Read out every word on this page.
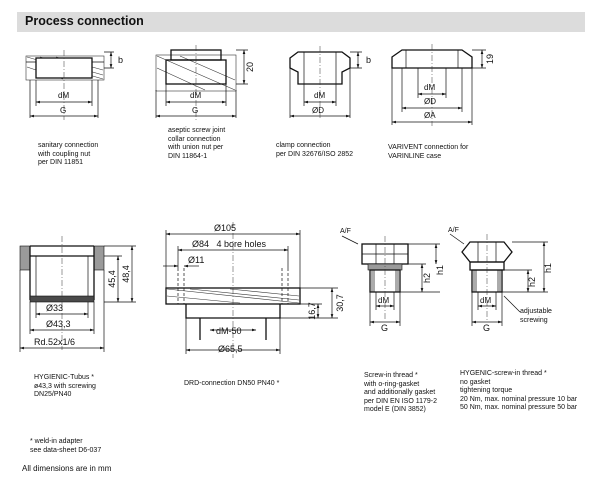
Process connection
b
dM
G
20
dM
G
b
dM
ØD
19
dM
ØD
ØA
48,4
45,4
Ø33
Ø43,3
Rd.52x1/6
Ø105
Ø84   4 bore holes
Ø11
30,7
16,7
dM-50
Ø65,5
A/F
h1
h2
dM
G
A/F
h1
h2
dM
G
adjustable screwing
sanitary connection
with coupling nut
per DIN 11851
aseptic screw joint
collar connection
with union nut per
DIN 11864-1
clamp connection
per DIN 32676/ISO 2852
VARIVENT connection for
VARINLINE case
HYGIENIC-Tubus *
ø43,3 with screwing
DN25/PN40
DRD-connection DN50 PN40 *
Screw-in thread *
with o-ring-gasket
and additionally gasket
per DIN EN ISO 1179-2
model E (DIN 3852)
HYGENIC-screw-in thread *
no gasket
tightening torque
20 Nm, max. nominal pressure 10 bar
50 Nm, max. nominal pressure 50 bar
* weld-in adapter
see data-sheet D6-037
All dimensions are in mm
